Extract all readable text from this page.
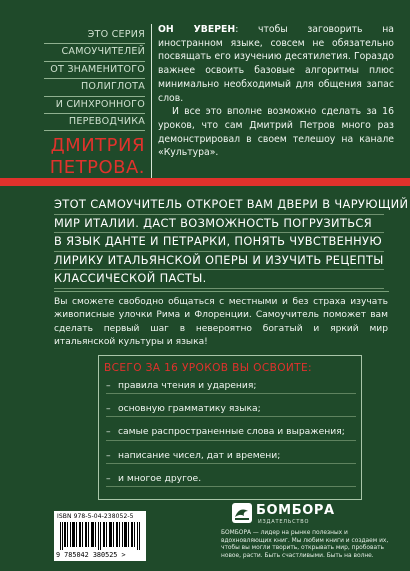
ЭТО СЕРИЯ
САМОУЧИТЕЛЕЙ
ОТ ЗНАМЕНИТОГО
ПОЛИГЛОТА
И СИНХРОННОГО
ПЕРЕВОДЧИКА
ДМИТРИЯ
ПЕТРОВА.

ОН УВЕРЕН: чтобы заговорить на иностранном языке, совсем не обязательно посвящать его изучению десятилетия. Гораздо важнее освоить базовые алгоритмы плюс минимально необходимый для общения запас слов.

И все это вполне возможно сделать за 16 уроков, что сам Дмитрий Петров много раз демонстрировал в своем телешоу на канале «Культура».

ЭТОТ САМОУЧИТЕЛЬ ОТКРОЕТ ВАМ ДВЕРИ В ЧАРУЮЩИЙ
МИР ИТАЛИИ. ДАСТ ВОЗМОЖНОСТЬ ПОГРУЗИТЬСЯ
В ЯЗЫК ДАНТЕ И ПЕТРАРКИ, ПОНЯТЬ ЧУВСТВЕННУЮ
ЛИРИКУ ИТАЛЬЯНСКОЙ ОПЕРЫ И ИЗУЧИТЬ РЕЦЕПТЫ
КЛАССИЧЕСКОЙ ПАСТЫ.
Вы сможете свободно общаться с местными и без страха изучать живописные улочки Рима и Флоренции. Самоучитель поможет вам сделать первый шаг в невероятно богатый и яркий мир итальянской культуры и языка!
ВСЕГО ЗА 16 УРОКОВ ВЫ ОСВОИТЕ:
– правила чтения и ударения;
– основную грамматику языка;
– самые распространенные слова и выражения;
– написание чисел, дат и времени;
– и многое другое.
ISBN 978-5-04-238052-5
9 785042 380525 >
БОМБОРА
ИЗДАТЕЛЬСТВО
БОМБОРА — лидер на рынке полезных и вдохновляющих книг. Мы любим книги и создаем их, чтобы вы могли творить, открывать мир, пробовать новое, расти. Быть счастливыми. Быть на волне.
